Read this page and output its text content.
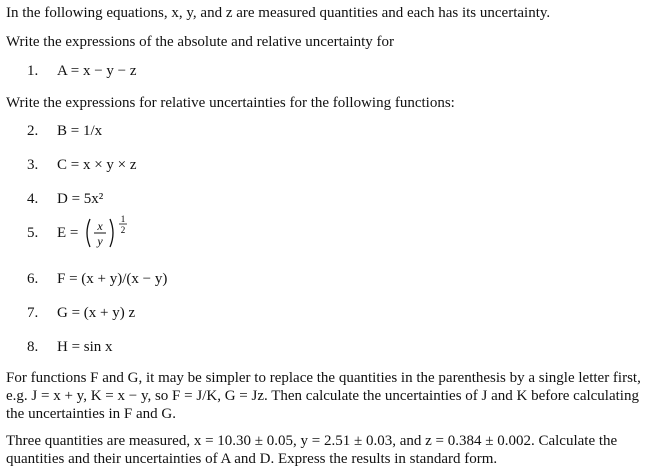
In the following equations, x, y, and z are measured quantities and each has its uncertainty.
Write the expressions of the absolute and relative uncertainty for
1. A = x − y − z
Write the expressions for relative uncertainties for the following functions:
2. B = 1/x
3. C = x × y × z
4. D = 5x²
5. E = x
y
1
2
6. F = (x + y)/(x − y)
7. G = (x + y) z
8. H = sin x
For functions F and G, it may be simpler to replace the quantities in the parenthesis by a single letter first, e.g. J = x + y, K = x − y, so F = J/K, G = Jz. Then calculate the uncertainties of J and K before calculating the uncertainties in F and G.
Three quantities are measured, x = 10.30 ± 0.05, y = 2.51 ± 0.03, and z = 0.384 ± 0.002. Calculate the quantities and their uncertainties of A and D. Express the results in standard form.
